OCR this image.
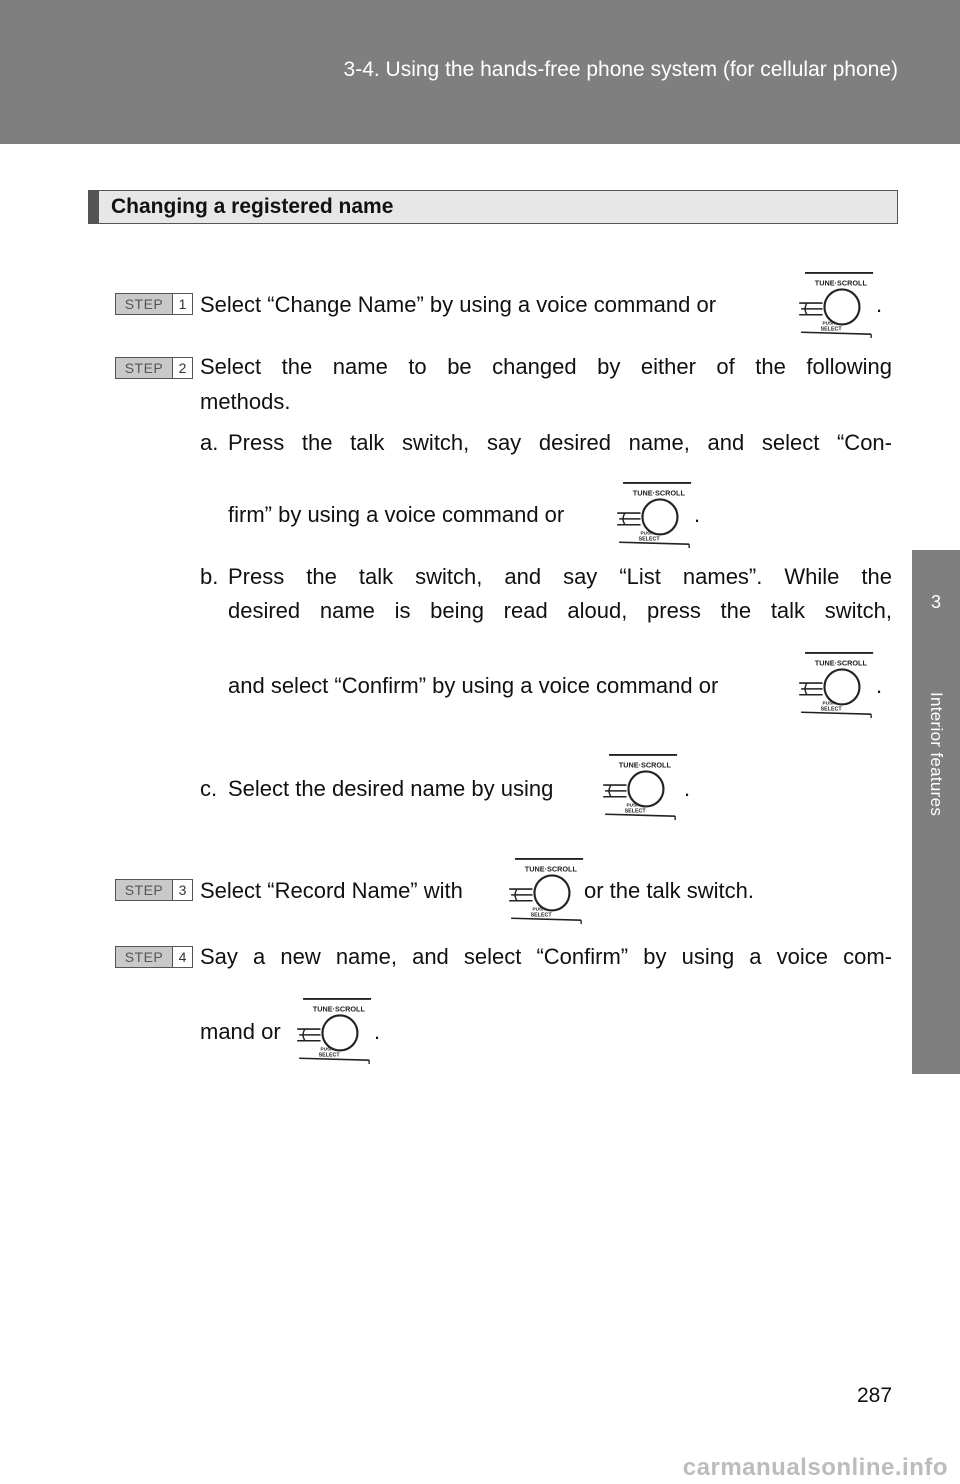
3-4. Using the hands-free phone system (for cellular phone)
3
Interior features
Changing a registered name
STEP	1 Select “Change Name” by using a voice command or	.
STEP	2 Select the name to be changed by either of the following
methods.
a. Press the talk switch, say desired name, and select “Con-
firm” by using a voice command or	.
b. Press the talk switch, and say “List names”. While the
desired name is being read aloud, press the talk switch,
and select “Confirm” by using a voice command or	.
c. Select the desired name by using	.
STEP	3 Select “Record Name” with	or the talk switch.
STEP	4 Say a new name, and select “Confirm” by using a voice com-
mand or	.
287
carmanualsonline.info
